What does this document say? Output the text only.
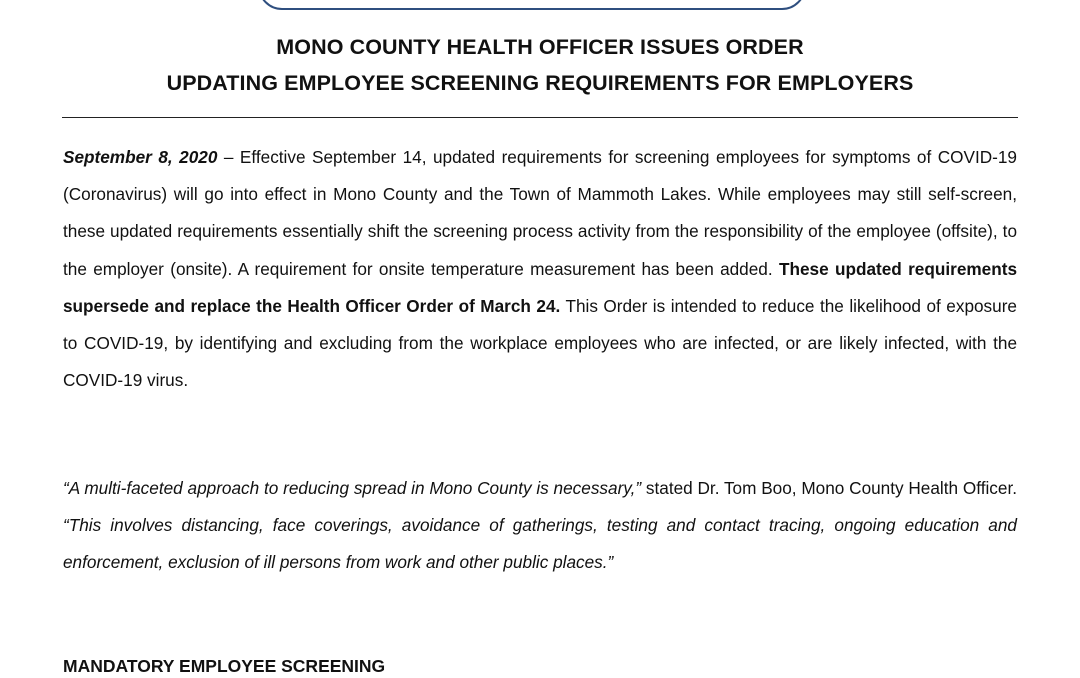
MONO COUNTY HEALTH OFFICER ISSUES ORDER
UPDATING EMPLOYEE SCREENING REQUIREMENTS FOR EMPLOYERS

September 8, 2020 – Effective September 14, updated requirements for screening employees for symptoms of COVID-19 (Coronavirus) will go into effect in Mono County and the Town of Mammoth Lakes. While employees may still self-screen, these updated requirements essentially shift the screening process activity from the responsibility of the employee (offsite), to the employer (onsite). A requirement for onsite temperature measurement has been added. These updated requirements supersede and replace the Health Officer Order of March 24. This Order is intended to reduce the likelihood of exposure to COVID-19, by identifying and excluding from the workplace employees who are infected, or are likely infected, with the COVID-19 virus.

“A multi-faceted approach to reducing spread in Mono County is necessary,” stated Dr. Tom Boo, Mono County Health Officer. “This involves distancing, face coverings, avoidance of gatherings, testing and contact tracing, ongoing education and enforcement, exclusion of ill persons from work and other public places.”

MANDATORY EMPLOYEE SCREENING
